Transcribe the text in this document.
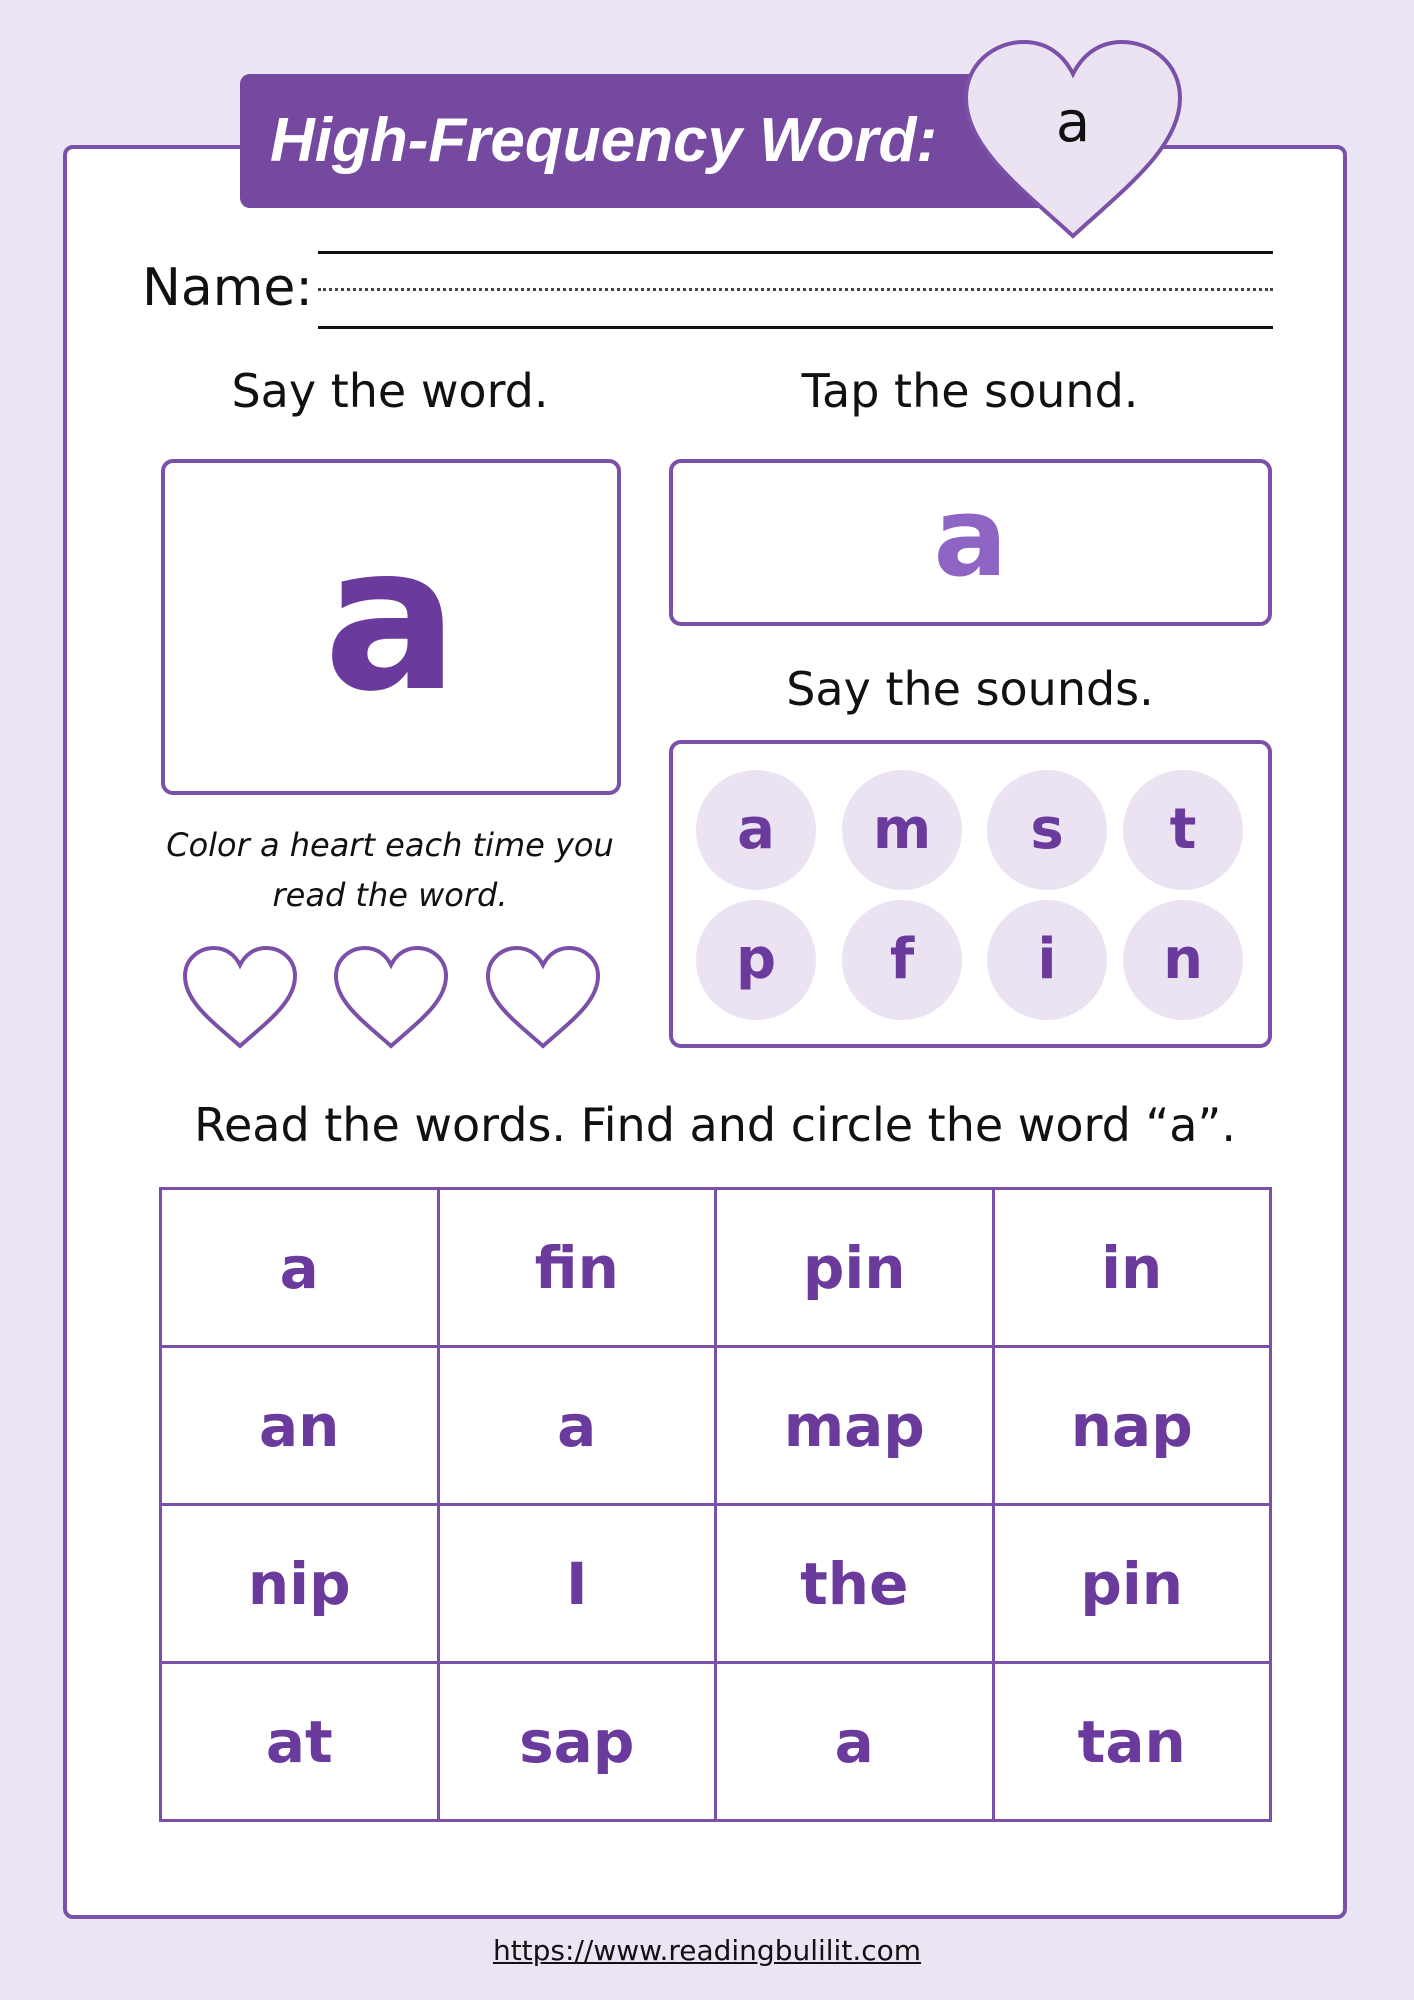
High-Frequency Word:	a
Name:
Say the word.	Tap the sound.
a	a
Say the sounds.
a	m	s	t
p	f	i	n
Color a heart each time you
read the word.
Read the words. Find and circle the word “a”.
a	fin	pin	in
an	a	map	nap
nip	I	the	pin
at	sap	a	tan
https://www.readingbulilit.com
